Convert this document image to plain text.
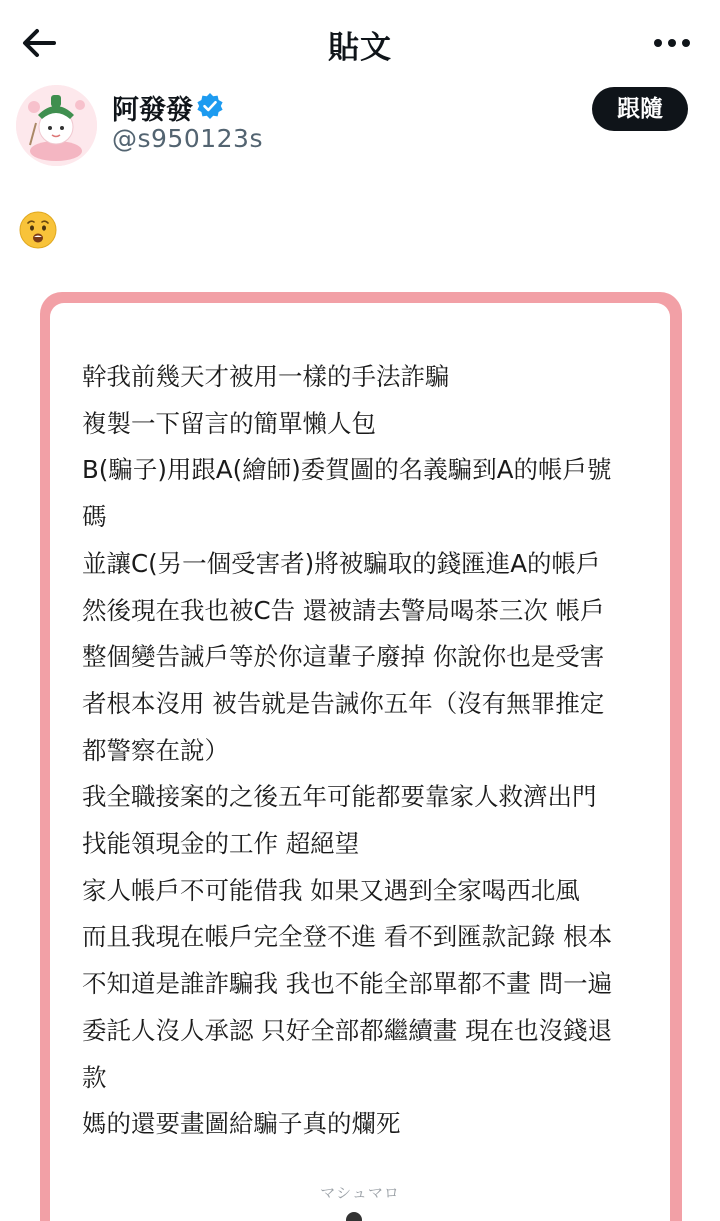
貼文
阿發發
@s950123s
跟隨
幹我前幾天才被用一樣的手法詐騙
複製一下留言的簡單懶人包
B(騙子)用跟A(繪師)委賀圖的名義騙到A的帳戶號
碼
並讓C(另一個受害者)將被騙取的錢匯進A的帳戶
然後現在我也被C告 還被請去警局喝茶三次 帳戶
整個變告誡戶等於你這輩子廢掉 你說你也是受害
者根本沒用 被告就是告誡你五年（沒有無罪推定
都警察在說）
我全職接案的之後五年可能都要靠家人救濟出門
找能領現金的工作 超絕望
家人帳戶不可能借我 如果又遇到全家喝西北風
而且我現在帳戶完全登不進 看不到匯款記錄 根本
不知道是誰詐騙我 我也不能全部單都不畫 問一遍
委託人沒人承認 只好全部都繼續畫 現在也沒錢退
款
媽的還要畫圖給騙子真的爛死
マシュマロ
